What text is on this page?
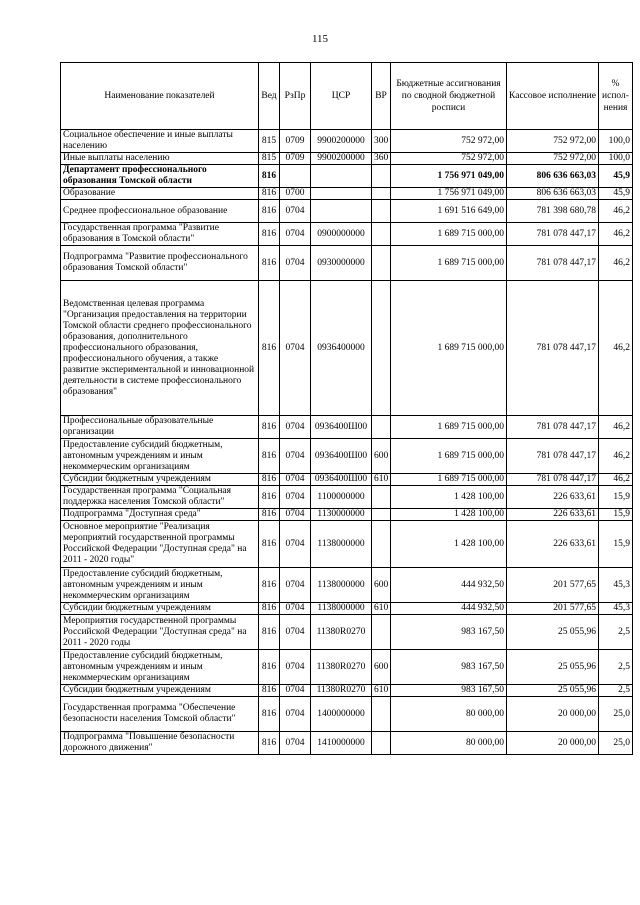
115
Наименование показателей	Вед	РзПр	ЦСР	ВР	Бюджетные ассигнования по сводной бюджетной росписи	Кассовое исполнение	% испол-нения
Социальное обеспечение и иные выплаты населению	815	0709	9900200000	300	752 972,00	752 972,00	100,0
Иные выплаты населению	815	0709	9900200000	360	752 972,00	752 972,00	100,0
Департамент профессионального образования Томской области	816				1 756 971 049,00	806 636 663,03	45,9
Образование	816	0700			1 756 971 049,00	806 636 663,03	45,9
Среднее профессиональное образование	816	0704			1 691 516 649,00	781 398 680,78	46,2
Государственная программа "Развитие образования в Томской области"	816	0704	0900000000		1 689 715 000,00	781 078 447,17	46,2
Подпрограмма "Развитие профессионального образования Томской области"	816	0704	0930000000		1 689 715 000,00	781 078 447,17	46,2
Ведомственная целевая программа "Организация предоставления на территории Томской области среднего профессионального образования, дополнительного профессионального образования, профессионального обучения, а также развитие экспериментальной и инновационной деятельности в системе профессионального образования"	816	0704	0936400000		1 689 715 000,00	781 078 447,17	46,2
Профессиональные образовательные организации	816	0704	0936400Ш00		1 689 715 000,00	781 078 447,17	46,2
Предоставление субсидий бюджетным, автономным учреждениям и иным некоммерческим организациям	816	0704	0936400Ш00	600	1 689 715 000,00	781 078 447,17	46,2
Субсидии бюджетным учреждениям	816	0704	0936400Ш00	610	1 689 715 000,00	781 078 447,17	46,2
Государственная программа "Социальная поддержка населения Томской области"	816	0704	1100000000		1 428 100,00	226 633,61	15,9
Подпрограмма "Доступная среда"	816	0704	1130000000		1 428 100,00	226 633,61	15,9
Основное мероприятие "Реализация мероприятий государственной программы Российской Федерации "Доступная среда" на 2011 - 2020 годы"	816	0704	1138000000		1 428 100,00	226 633,61	15,9
Предоставление субсидий бюджетным, автономным учреждениям и иным некоммерческим организациям	816	0704	1138000000	600	444 932,50	201 577,65	45,3
Субсидии бюджетным учреждениям	816	0704	1138000000	610	444 932,50	201 577,65	45,3
Мероприятия государственной программы Российской Федерации "Доступная среда" на 2011 - 2020 годы	816	0704	11380R0270		983 167,50	25 055,96	2,5
Предоставление субсидий бюджетным, автономным учреждениям и иным некоммерческим организациям	816	0704	11380R0270	600	983 167,50	25 055,96	2,5
Субсидии бюджетным учреждениям	816	0704	11380R0270	610	983 167,50	25 055,96	2,5
Государственная программа "Обеспечение безопасности населения Томской области"	816	0704	1400000000		80 000,00	20 000,00	25,0
Подпрограмма "Повышение безопасности дорожного движения"	816	0704	1410000000		80 000,00	20 000,00	25,0
